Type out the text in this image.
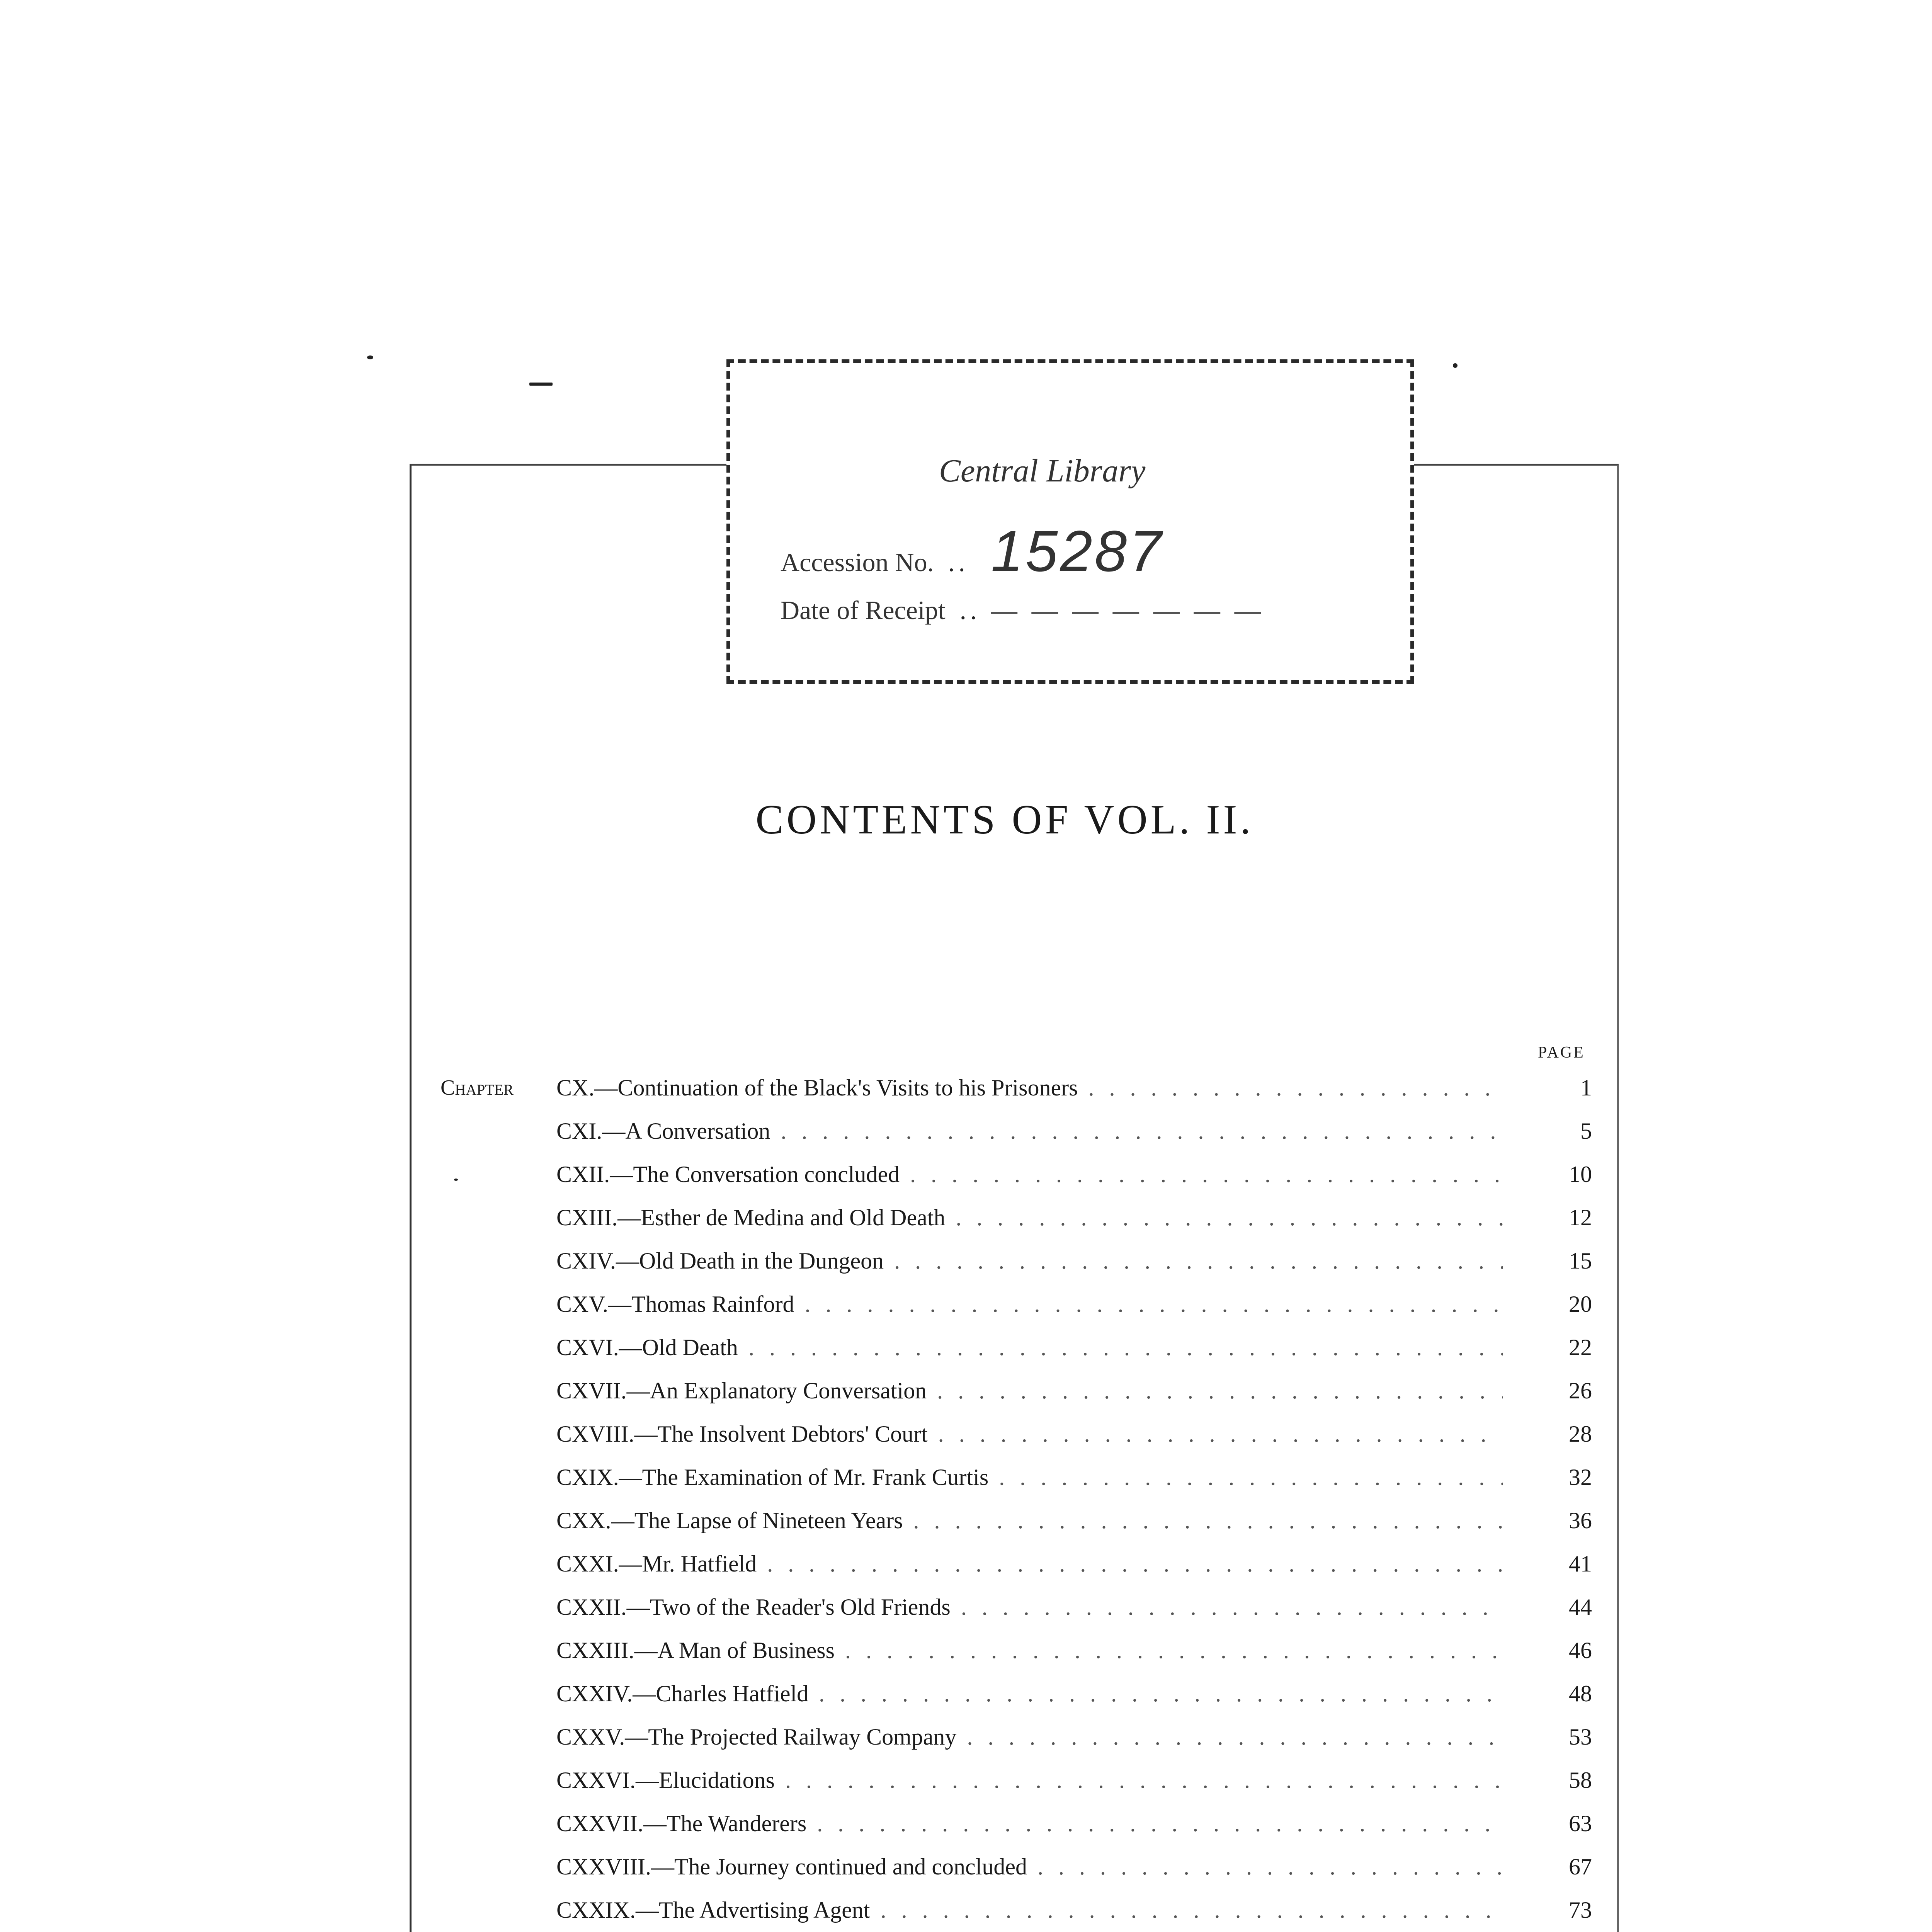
Central Library
Accession No. .. 15287
Date of Receipt .. — — — — — — —
CONTENTS OF VOL. II.
PAGE
Chapter CX.—Continuation of the Black's Visits to his Prisoners . . .	1
CXI.—A Conversation . . .	5
CXII.—The Conversation concluded . . .	10
CXIII.—Esther de Medina and Old Death . . .	12
CXIV.—Old Death in the Dungeon . . .	15
CXV.—Thomas Rainford . . .	20
CXVI.—Old Death . . .	22
CXVII.—An Explanatory Conversation . . .	26
CXVIII.—The Insolvent Debtors' Court . . .	28
CXIX.—The Examination of Mr. Frank Curtis . . .	32
CXX.—The Lapse of Nineteen Years . . .	36
CXXI.—Mr. Hatfield . . .	41
CXXII.—Two of the Reader's Old Friends . . .	44
CXXIII.—A Man of Business . . .	46
CXXIV.—Charles Hatfield . . .	48
CXXV.—The Projected Railway Company . . .	53
CXXVI.—Elucidations . . .	58
CXXVII.—The Wanderers . . .	63
CXXVIII.—The Journey continued and concluded . . .	67
CXXIX.—The Advertising Agent . . .	73
